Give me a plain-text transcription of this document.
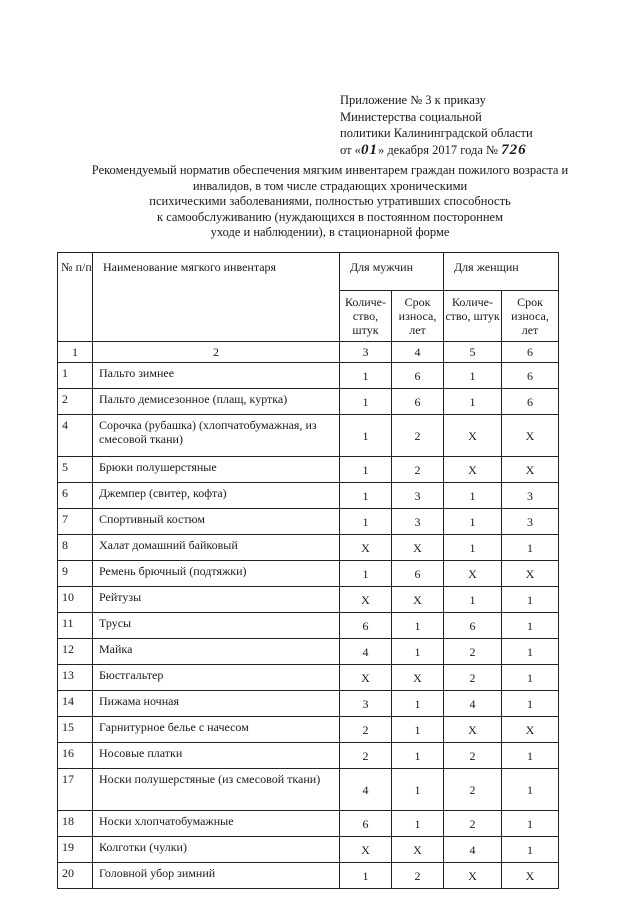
Приложение № 3 к приказу
Министерства социальной
политики Калининградской области
от «01» декабря 2017 года № 726
Рекомендуемый норматив обеспечения мягким инвентарем граждан пожилого возраста и
инвалидов, в том числе страдающих хроническими
психическими заболеваниями, полностью утративших способность
к самообслуживанию (нуждающихся в постоянном постороннем
уходе и наблюдении), в стационарной форме
№ п/п	Наименование мягкого инвентаря	Для мужчин		Для женщин	
		Количе-ство, штук	Срок износа, лет	Количе-ство, штук	Срок износа, лет
1	2	3	4	5	6
1	Пальто зимнее	1	6	1	6
2	Пальто демисезонное (плащ, куртка)	1	6	1	6
4	Сорочка (рубашка) (хлопчатобумажная, из смесовой ткани)	1	2	X	X
5	Брюки полушерстяные	1	2	X	X
6	Джемпер (свитер, кофта)	1	3	1	3
7	Спортивный костюм	1	3	1	3
8	Халат домашний байковый	X	X	1	1
9	Ремень брючный (подтяжки)	1	6	X	X
10	Рейтузы	X	X	1	1
11	Трусы	6	1	6	1
12	Майка	4	1	2	1
13	Бюстгальтер	X	X	2	1
14	Пижама ночная	3	1	4	1
15	Гарнитурное белье с начесом	2	1	X	X
16	Носовые платки	2	1	2	1
17	Носки полушерстяные (из смесовой ткани)	4	1	2	1
18	Носки хлопчатобумажные	6	1	2	1
19	Колготки (чулки)	X	X	4	1
20	Головной убор зимний	1	2	X	X
